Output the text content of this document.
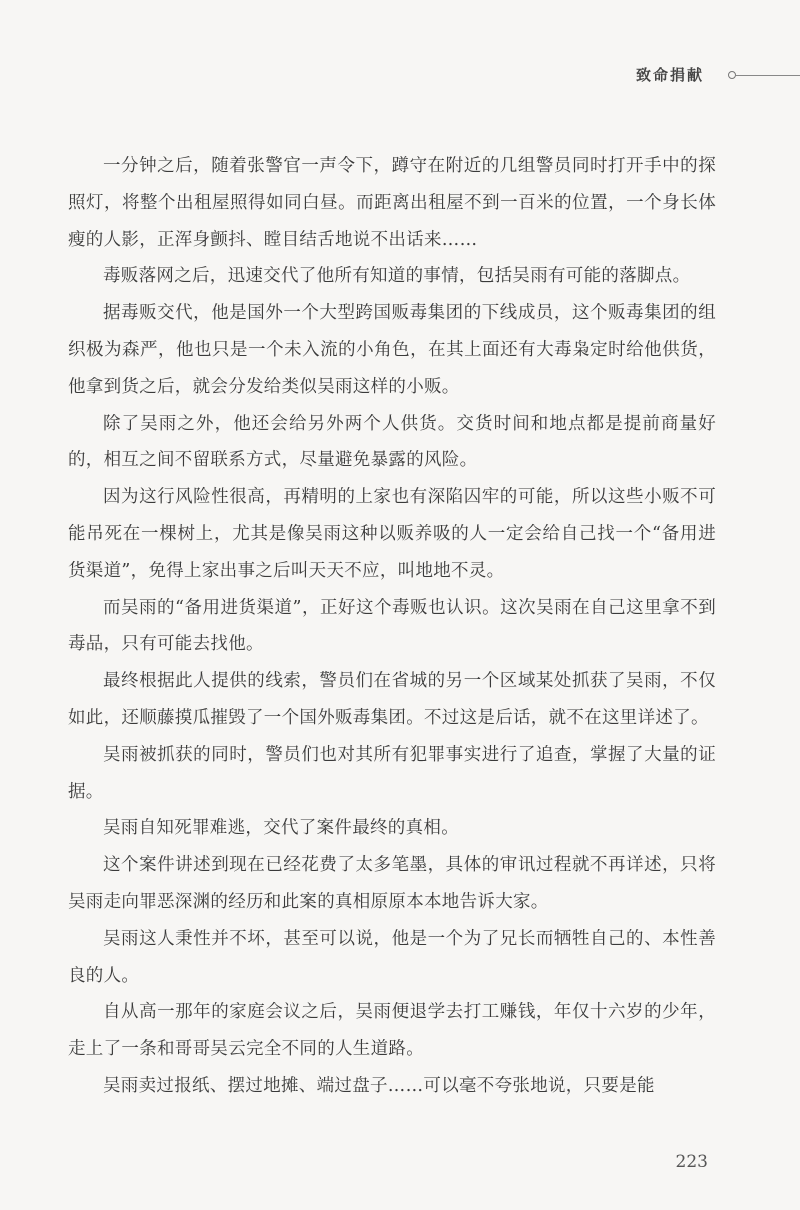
致命捐献

一分钟之后，随着张警官一声令下，蹲守在附近的几组警员同时打开手中的探照灯，将整个出租屋照得如同白昼。而距离出租屋不到一百米的位置，一个身长体瘦的人影，正浑身颤抖、瞠目结舌地说不出话来……

毒贩落网之后，迅速交代了他所有知道的事情，包括吴雨有可能的落脚点。

据毒贩交代，他是国外一个大型跨国贩毒集团的下线成员，这个贩毒集团的组织极为森严，他也只是一个未入流的小角色，在其上面还有大毒枭定时给他供货，他拿到货之后，就会分发给类似吴雨这样的小贩。

除了吴雨之外，他还会给另外两个人供货。交货时间和地点都是提前商量好的，相互之间不留联系方式，尽量避免暴露的风险。

因为这行风险性很高，再精明的上家也有深陷囚牢的可能，所以这些小贩不可能吊死在一棵树上，尤其是像吴雨这种以贩养吸的人一定会给自己找一个“备用进货渠道”，免得上家出事之后叫天天不应，叫地地不灵。

而吴雨的“备用进货渠道”，正好这个毒贩也认识。这次吴雨在自己这里拿不到毒品，只有可能去找他。

最终根据此人提供的线索，警员们在省城的另一个区域某处抓获了吴雨，不仅如此，还顺藤摸瓜摧毁了一个国外贩毒集团。不过这是后话，就不在这里详述了。

吴雨被抓获的同时，警员们也对其所有犯罪事实进行了追查，掌握了大量的证据。

吴雨自知死罪难逃，交代了案件最终的真相。

这个案件讲述到现在已经花费了太多笔墨，具体的审讯过程就不再详述，只将吴雨走向罪恶深渊的经历和此案的真相原原本本地告诉大家。

吴雨这人秉性并不坏，甚至可以说，他是一个为了兄长而牺牲自己的、本性善良的人。

自从高一那年的家庭会议之后，吴雨便退学去打工赚钱，年仅十六岁的少年，走上了一条和哥哥吴云完全不同的人生道路。

吴雨卖过报纸、摆过地摊、端过盘子……可以毫不夸张地说，只要是能

223
